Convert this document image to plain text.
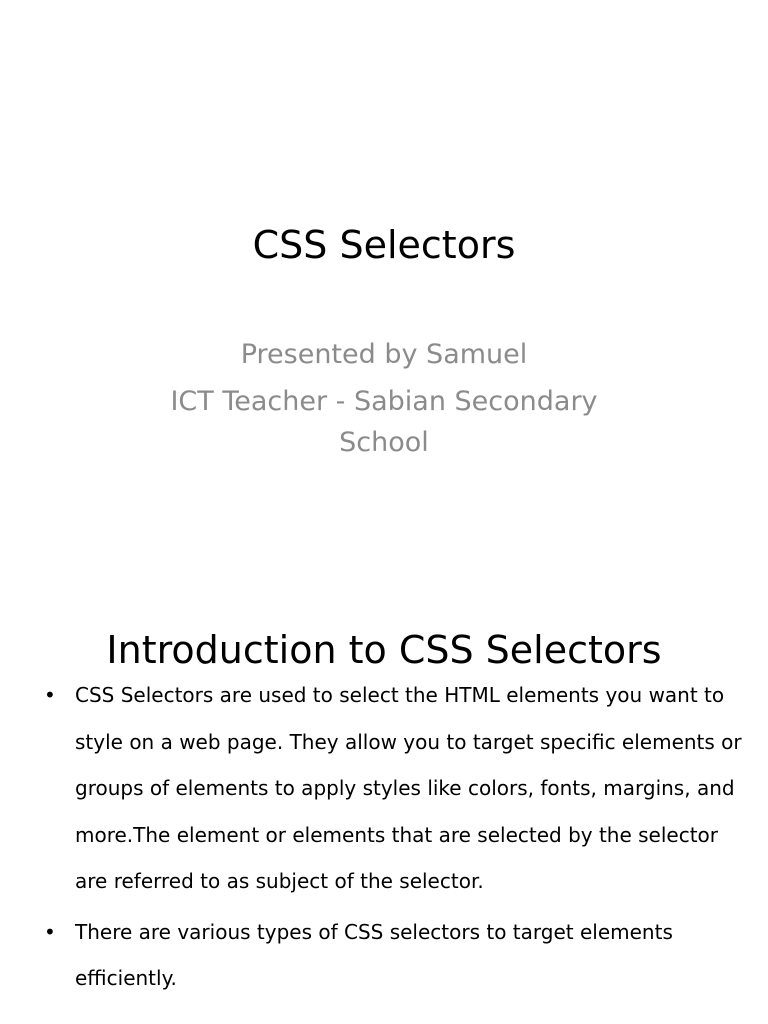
CSS Selectors
Presented by Samuel
ICT Teacher - Sabian Secondary School
Introduction to CSS Selectors
• CSS Selectors are used to select the HTML elements you want to style on a web page. They allow you to target specific elements or groups of elements to apply styles like colors, fonts, margins, and more.The element or elements that are selected by the selector are referred to as subject of the selector.
• There are various types of CSS selectors to target elements efficiently.
